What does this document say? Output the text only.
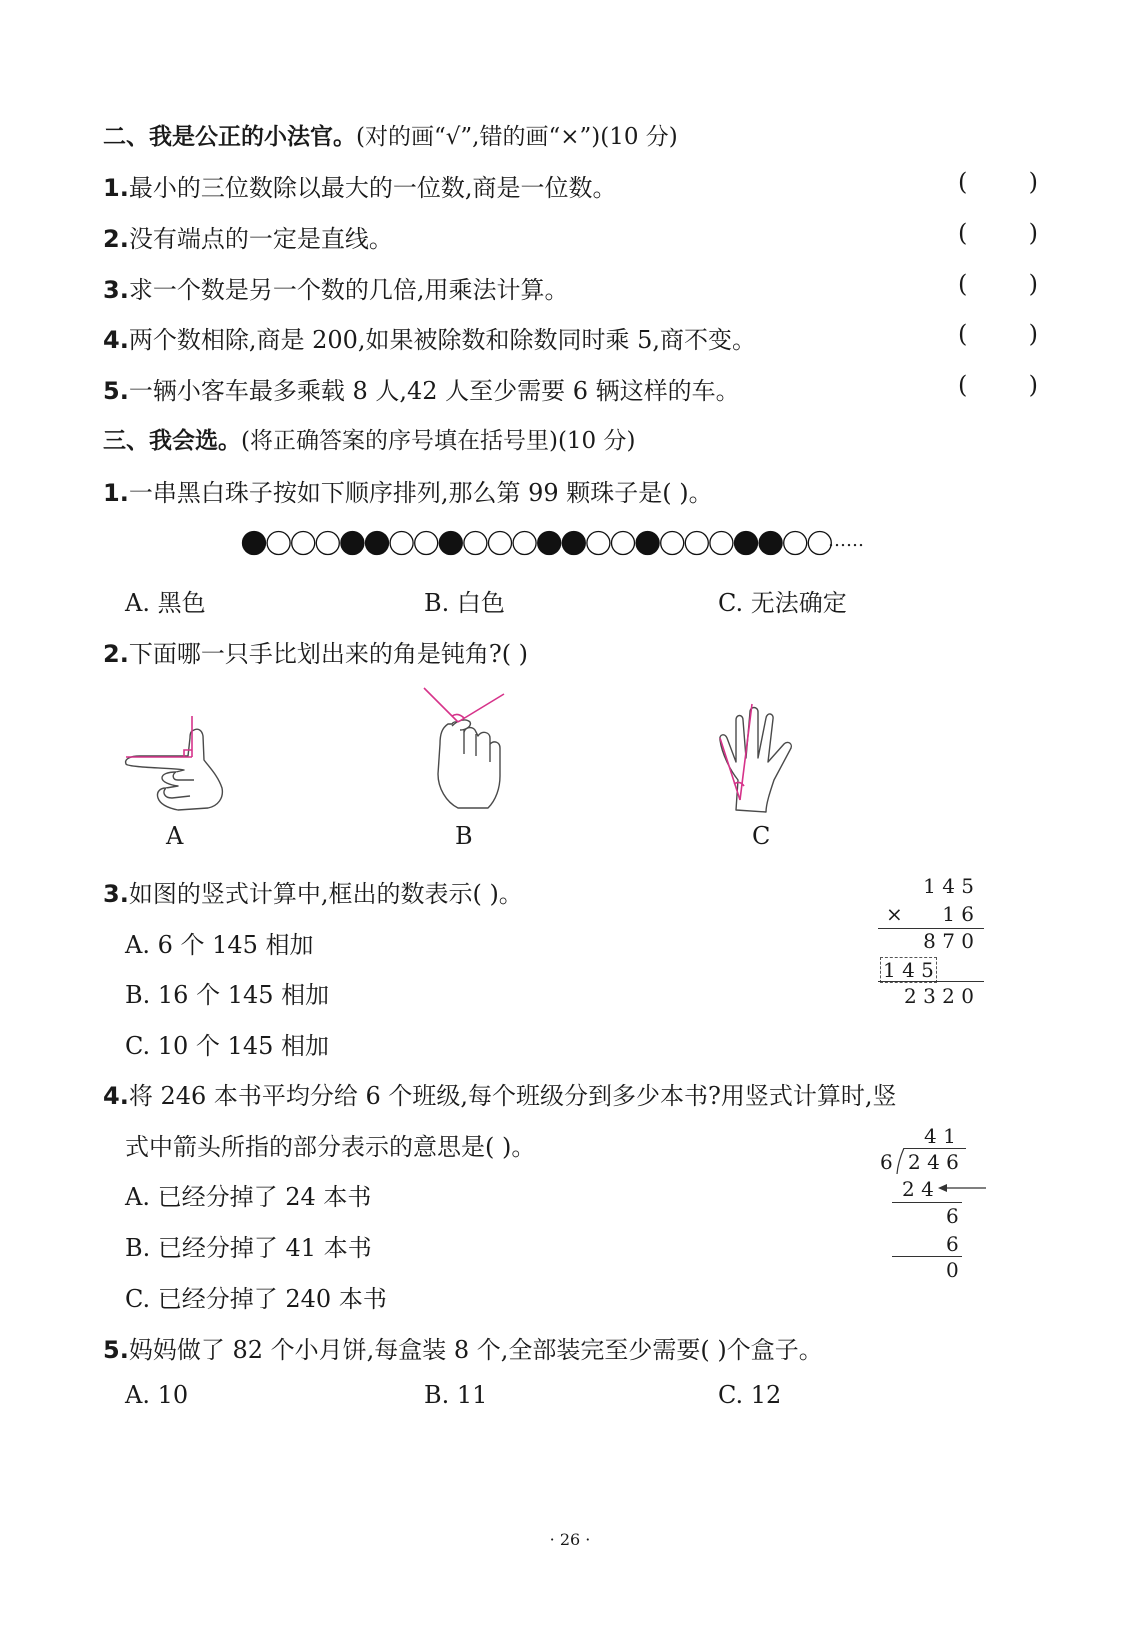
二、我是公正的小法官。(对的画“√”,错的画“×”)(10 分)
1.最小的三位数除以最大的一位数,商是一位数。	(	)
2.没有端点的一定是直线。	(	)
3.求一个数是另一个数的几倍,用乘法计算。	(	)
4.两个数相除,商是 200,如果被除数和除数同时乘 5,商不变。	(	)
5.一辆小客车最多乘载 8 人,42 人至少需要 6 辆这样的车。	(	)
三、我会选。(将正确答案的序号填在括号里)(10 分)
1.一串黑白珠子按如下顺序排列,那么第 99 颗珠子是( )。
……
A. 黑色	B. 白色	C. 无法确定
2.下面哪一只手比划出来的角是钝角?( )
A	B	C
3.如图的竖式计算中,框出的数表示( )。
A. 6 个 145 相加
B. 16 个 145 相加
C. 10 个 145 相加
1 4 5
× 1 6
8 7 0
1 4 5
2 3 2 0
4.将 246 本书平均分给 6 个班级,每个班级分到多少本书?用竖式计算时,竖
式中箭头所指的部分表示的意思是( )。
A. 已经分掉了 24 本书
B. 已经分掉了 41 本书
C. 已经分掉了 240 本书
4 1
6 2 4 6
2 4
6
6
0
5.妈妈做了 82 个小月饼,每盒装 8 个,全部装完至少需要( )个盒子。
A. 10	B. 11	C. 12
· 26 ·
